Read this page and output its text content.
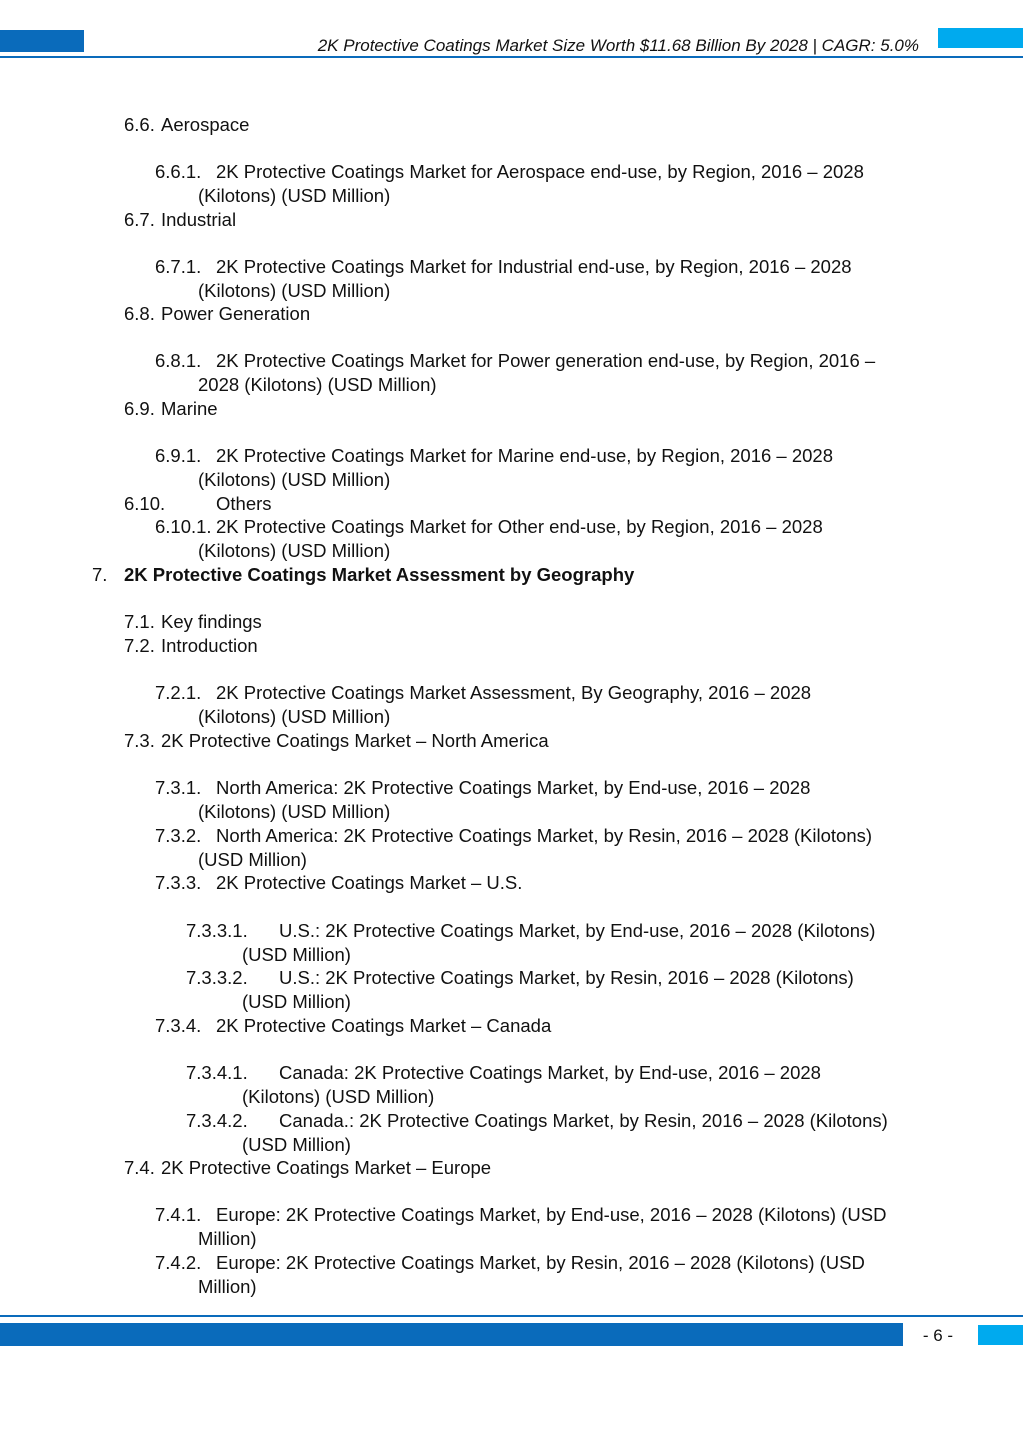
2K Protective Coatings Market Size Worth $11.68 Billion By 2028 | CAGR: 5.0%
6.6. Aerospace
6.6.1. 2K Protective Coatings Market for Aerospace end-use, by Region, 2016 – 2028
(Kilotons) (USD Million)
6.7. Industrial
6.7.1. 2K Protective Coatings Market for Industrial end-use, by Region, 2016 – 2028
(Kilotons) (USD Million)
6.8. Power Generation
6.8.1. 2K Protective Coatings Market for Power generation end-use, by Region, 2016 –
2028 (Kilotons) (USD Million)
6.9. Marine
6.9.1. 2K Protective Coatings Market for Marine end-use, by Region, 2016 – 2028
(Kilotons) (USD Million)
6.10.	Others
6.10.1. 2K Protective Coatings Market for Other end-use, by Region, 2016 – 2028
(Kilotons) (USD Million)
7. 2K Protective Coatings Market Assessment by Geography
7.1. Key findings
7.2. Introduction
7.2.1. 2K Protective Coatings Market Assessment, By Geography, 2016 – 2028
(Kilotons) (USD Million)
7.3. 2K Protective Coatings Market – North America
7.3.1. North America: 2K Protective Coatings Market, by End-use, 2016 – 2028
(Kilotons) (USD Million)
7.3.2. North America: 2K Protective Coatings Market, by Resin, 2016 – 2028 (Kilotons)
(USD Million)
7.3.3. 2K Protective Coatings Market – U.S.
7.3.3.1. U.S.: 2K Protective Coatings Market, by End-use, 2016 – 2028 (Kilotons)
(USD Million)
7.3.3.2. U.S.: 2K Protective Coatings Market, by Resin, 2016 – 2028 (Kilotons)
(USD Million)
7.3.4. 2K Protective Coatings Market – Canada
7.3.4.1. Canada: 2K Protective Coatings Market, by End-use, 2016 – 2028
(Kilotons) (USD Million)
7.3.4.2. Canada.: 2K Protective Coatings Market, by Resin, 2016 – 2028 (Kilotons)
(USD Million)
7.4. 2K Protective Coatings Market – Europe
7.4.1. Europe: 2K Protective Coatings Market, by End-use, 2016 – 2028 (Kilotons) (USD
Million)
7.4.2. Europe: 2K Protective Coatings Market, by Resin, 2016 – 2028 (Kilotons) (USD
Million)
- 6 -
